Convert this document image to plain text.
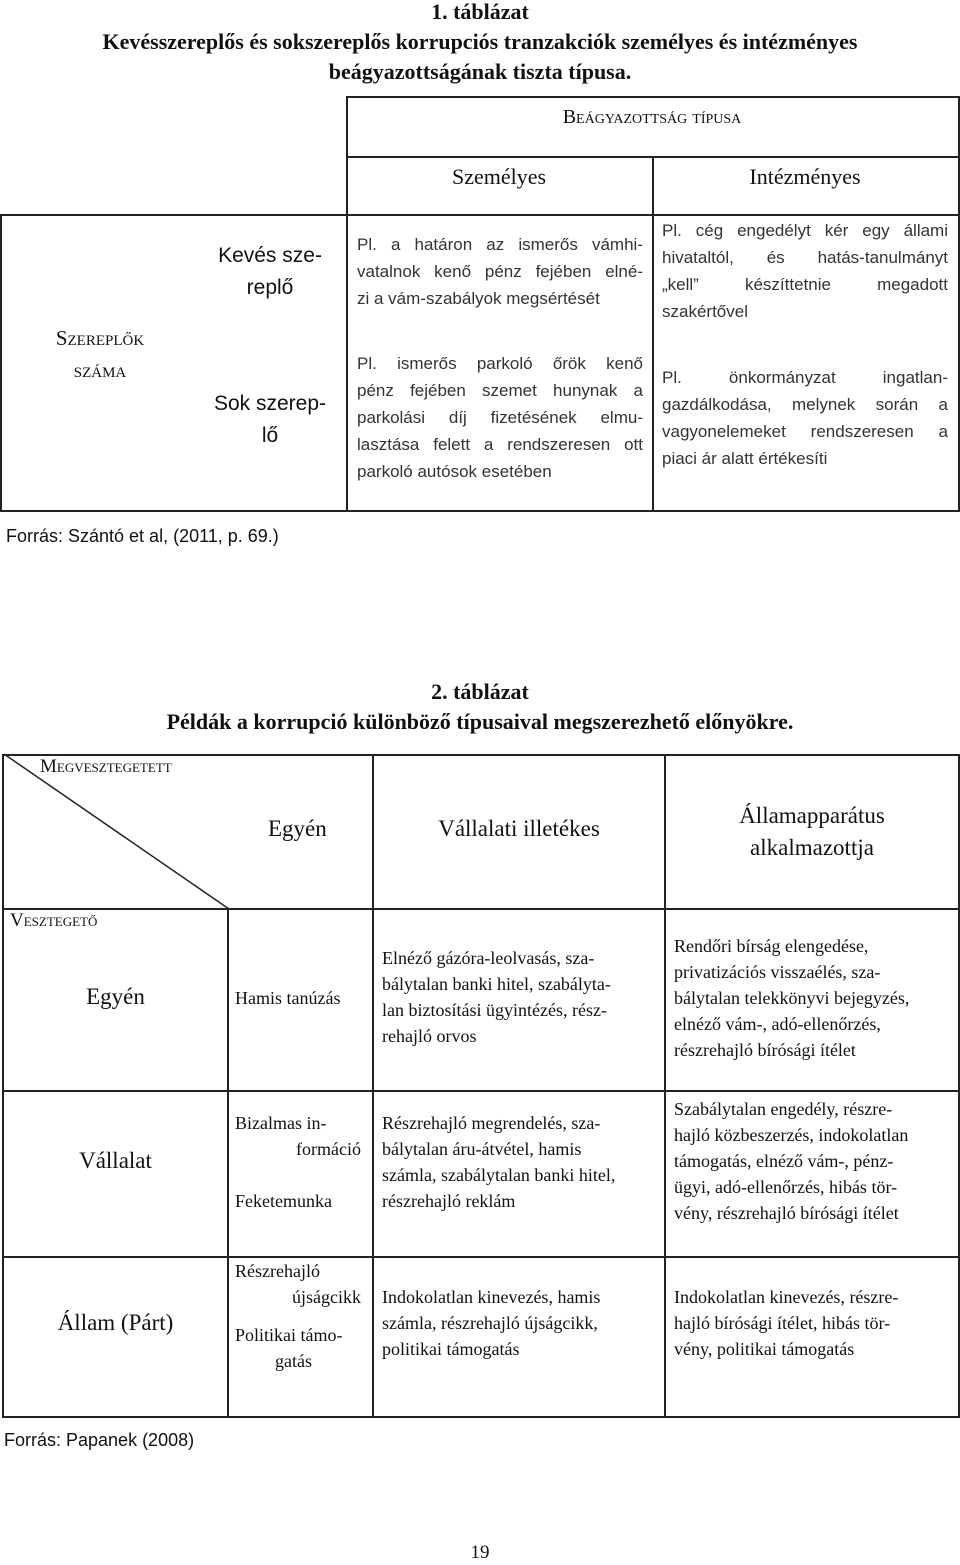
1. táblázat
Kevésszereplős és sokszereplős korrupciós tranzakciók személyes és intézményes
beágyazottságának tiszta típusa.
Beágyazottság típusa
Személyes	Intézményes
Szereplők
száma
Kevés sze-
replő
Sok szerep-
lő
Pl. a határon az ismerős vámhi-
vatalnok kenő pénz fejében elné-
zi a vám-szabályok megsértését
Pl. cég engedélyt kér egy állami
hivataltól, és hatás-tanulmányt
„kell” készíttetnie megadott
szakértővel
Pl. ismerős parkoló őrök kenő
pénz fejében szemet hunynak a
parkolási díj fizetésének elmu-
lasztása felett a rendszeresen ott
parkoló autósok esetében
Pl. önkormányzat ingatlan-
gazdálkodása, melynek során a
vagyonelemeket rendszeresen a
piaci ár alatt értékesíti
Forrás: Szántó et al, (2011, p. 69.)
2. táblázat
Példák a korrupció különböző típusaival megszerezhető előnyökre.
Megvesztegetett
Vesztegető
Egyén	Vállalati illetékes
Államapparátus
alkalmazottja
Egyén
Vállalat
Állam (Párt)
Hamis tanúzás
Elnéző gázóra-leolvasás, sza-
bálytalan banki hitel, szabályta-
lan biztosítási ügyintézés, rész-
rehajló orvos
Rendőri bírság elengedése,
privatizációs visszaélés, sza-
bálytalan telekkönyvi bejegyzés,
elnéző vám-, adó-ellenőrzés,
részrehajló bírósági ítélet
Bizalmas in-
formáció
Feketemunka
Részrehajló megrendelés, sza-
bálytalan áru-átvétel, hamis
számla, szabálytalan banki hitel,
részrehajló reklám
Szabálytalan engedély, részre-
hajló közbeszerzés, indokolatlan
támogatás, elnéző vám-, pénz-
ügyi, adó-ellenőrzés, hibás tör-
vény, részrehajló bírósági ítélet
Részrehajló
újságcikk
Politikai támo-
gatás
Indokolatlan kinevezés, hamis
számla, részrehajló újságcikk,
politikai támogatás
Indokolatlan kinevezés, részre-
hajló bírósági ítélet, hibás tör-
vény, politikai támogatás
Forrás: Papanek (2008)
19
